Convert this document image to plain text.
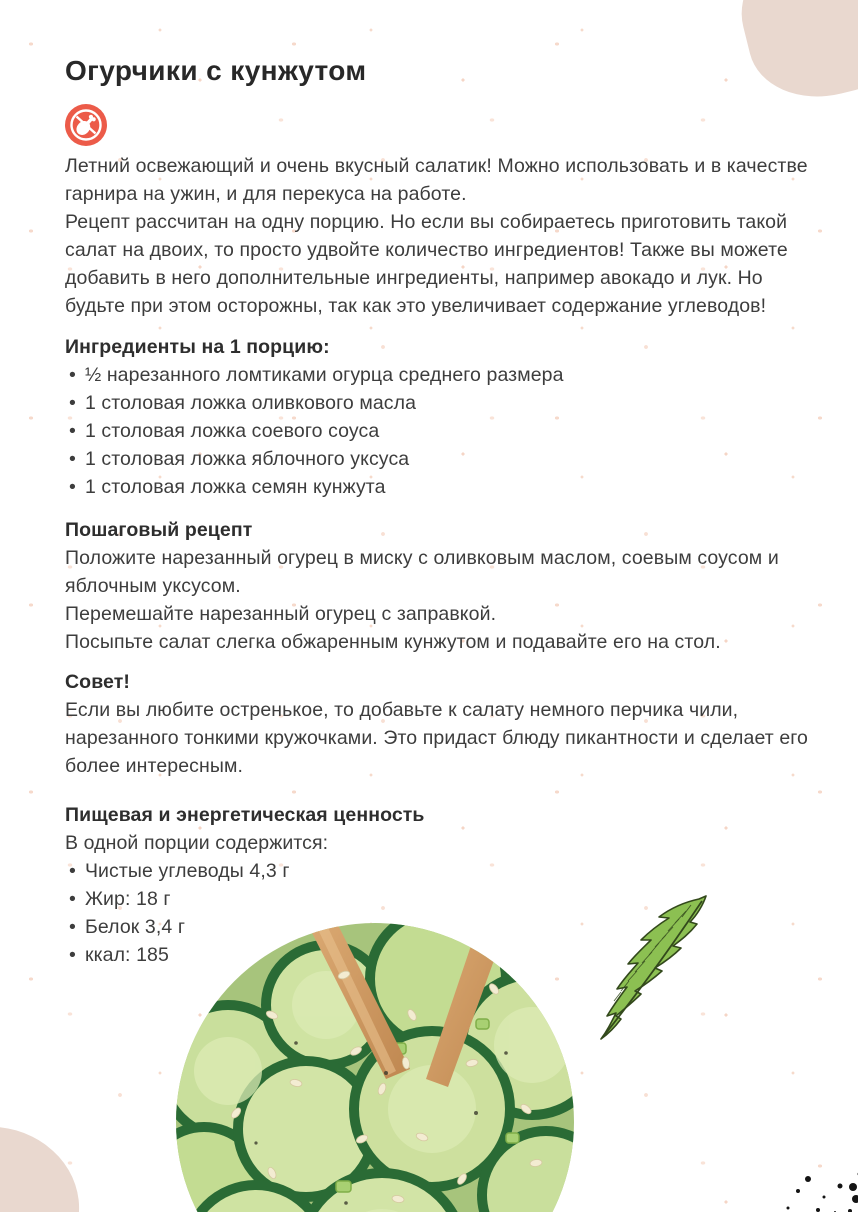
Огурчики с кунжутом
Летний освежающий и очень вкусный салатик! Можно использовать и в качестве гарнира на ужин, и для перекуса на работе.
Рецепт рассчитан на одну порцию. Но если вы собираетесь приготовить такой салат на двоих, то просто удвойте количество ингредиентов! Также вы можете добавить в него дополнительные ингредиенты, например авокадо и лук. Но будьте при этом осторожны, так как это увеличивает содержание углеводов!

Ингредиенты на 1 порцию:

• ½ нарезанного ломтиками огурца среднего размера
• 1 столовая ложка оливкового масла
• 1 столовая ложка соевого соуса
• 1 столовая ложка яблочного уксуса
• 1 столовая ложка семян кунжута

Пошаговый рецепт

Положите нарезанный огурец в миску с оливковым маслом, соевым соусом и яблочным уксусом.
Перемешайте нарезанный огурец с заправкой.
Посыпьте салат слегка обжаренным кунжутом и подавайте его на стол.

Совет!

Если вы любите остренькое, то добавьте к салату немного перчика чили, нарезанного тонкими кружочками. Это придаст блюду пикантности и сделает его более интересным.

Пищевая и энергетическая ценность

В одной порции содержится:
• Чистые углеводы 4,3 г
• Жир: 18 г
• Белок 3,4 г
• ккал: 185
